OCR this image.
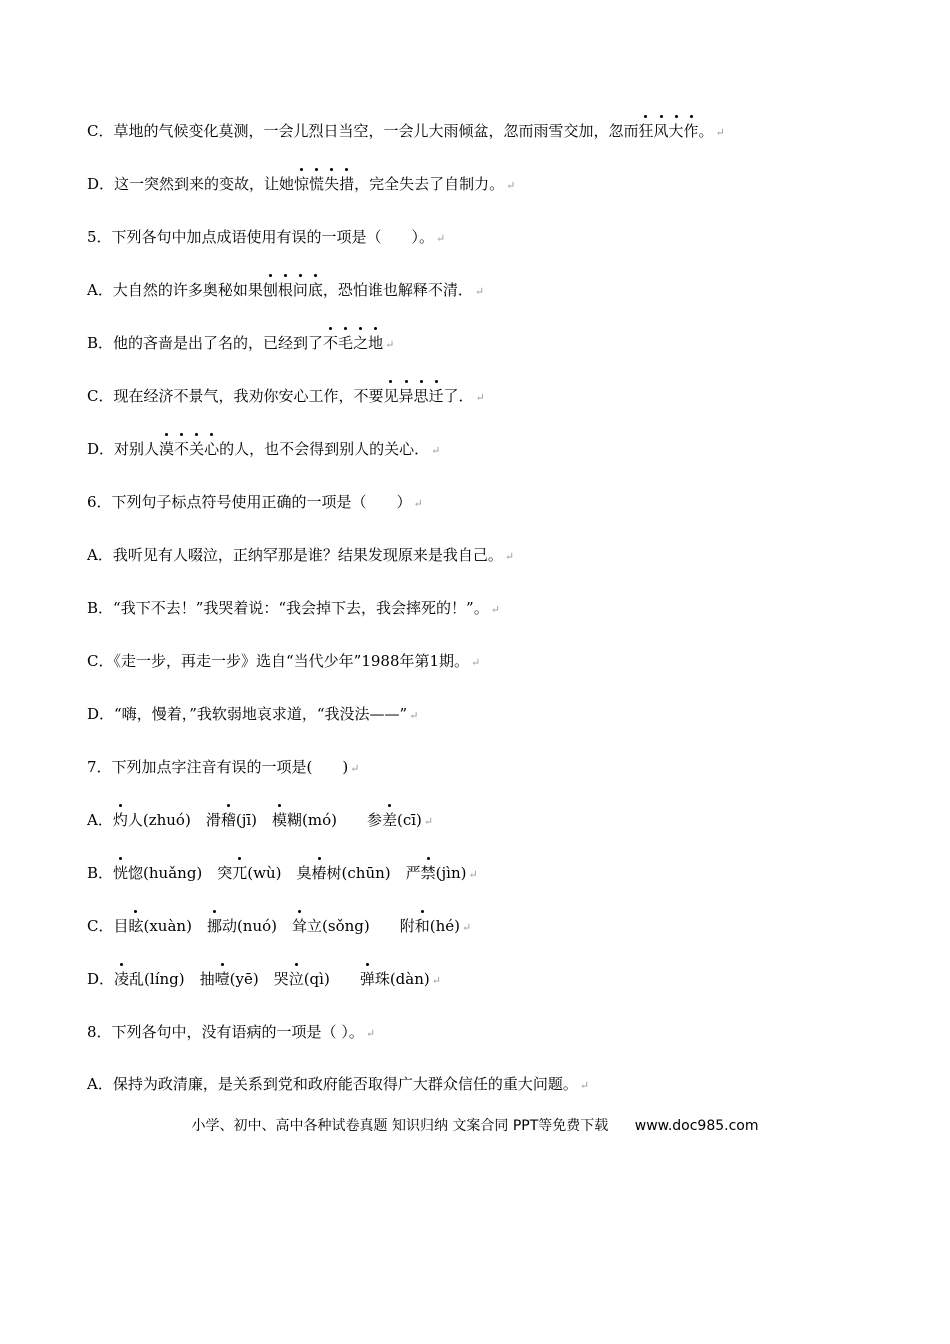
C．草地的气候变化莫测，一会儿烈日当空，一会儿大雨倾盆，忽而雨雪交加，忽而狂风大作。 ↵
D．这一突然到来的变故，让她惊慌失措，完全失去了自制力。 ↵
5．下列各句中加点成语使用有误的一项是（　　）。 ↵
A．大自然的许多奥秘如果刨根问底，恐怕谁也解释不清． ↵
B．他的吝啬是出了名的，已经到了不毛之地 ↵
C．现在经济不景气，我劝你安心工作，不要见异思迁了． ↵
D．对别人漠不关心的人，也不会得到别人的关心． ↵
6．下列句子标点符号使用正确的一项是（　　） ↵
A．我听见有人啜泣，正纳罕那是谁？结果发现原来是我自己。 ↵
B．“我下不去！”我哭着说：“我会掉下去，我会摔死的！”。 ↵
C．《走一步，再走一步》选自“当代少年”1988年第1期。 ↵
D．“嗨，慢着，”我软弱地哀求道，“我没法——” ↵
7．下列加点字注音有误的一项是(　　) ↵
A．灼人(zhuó)　滑稽(jī)　模糊(mó)　　参差(cī) ↵
B．恍惚(huǎng)　突兀(wù)　臭椿树(chūn)　严禁(jìn) ↵
C．目眩(xuàn)　挪动(nuó)　耸立(sǒng)　　附和(hé) ↵
D．凌乱(líng)　抽噎(yē)　哭泣(qì)　　弹珠(dàn) ↵
8．下列各句中，没有语病的一项是（ ）。 ↵
A．保持为政清廉，是关系到党和政府能否取得广大群众信任的重大问题。 ↵
小学、初中、高中各种试卷真题 知识归纳 文案合同 PPT等免费下载 www.doc985.com
